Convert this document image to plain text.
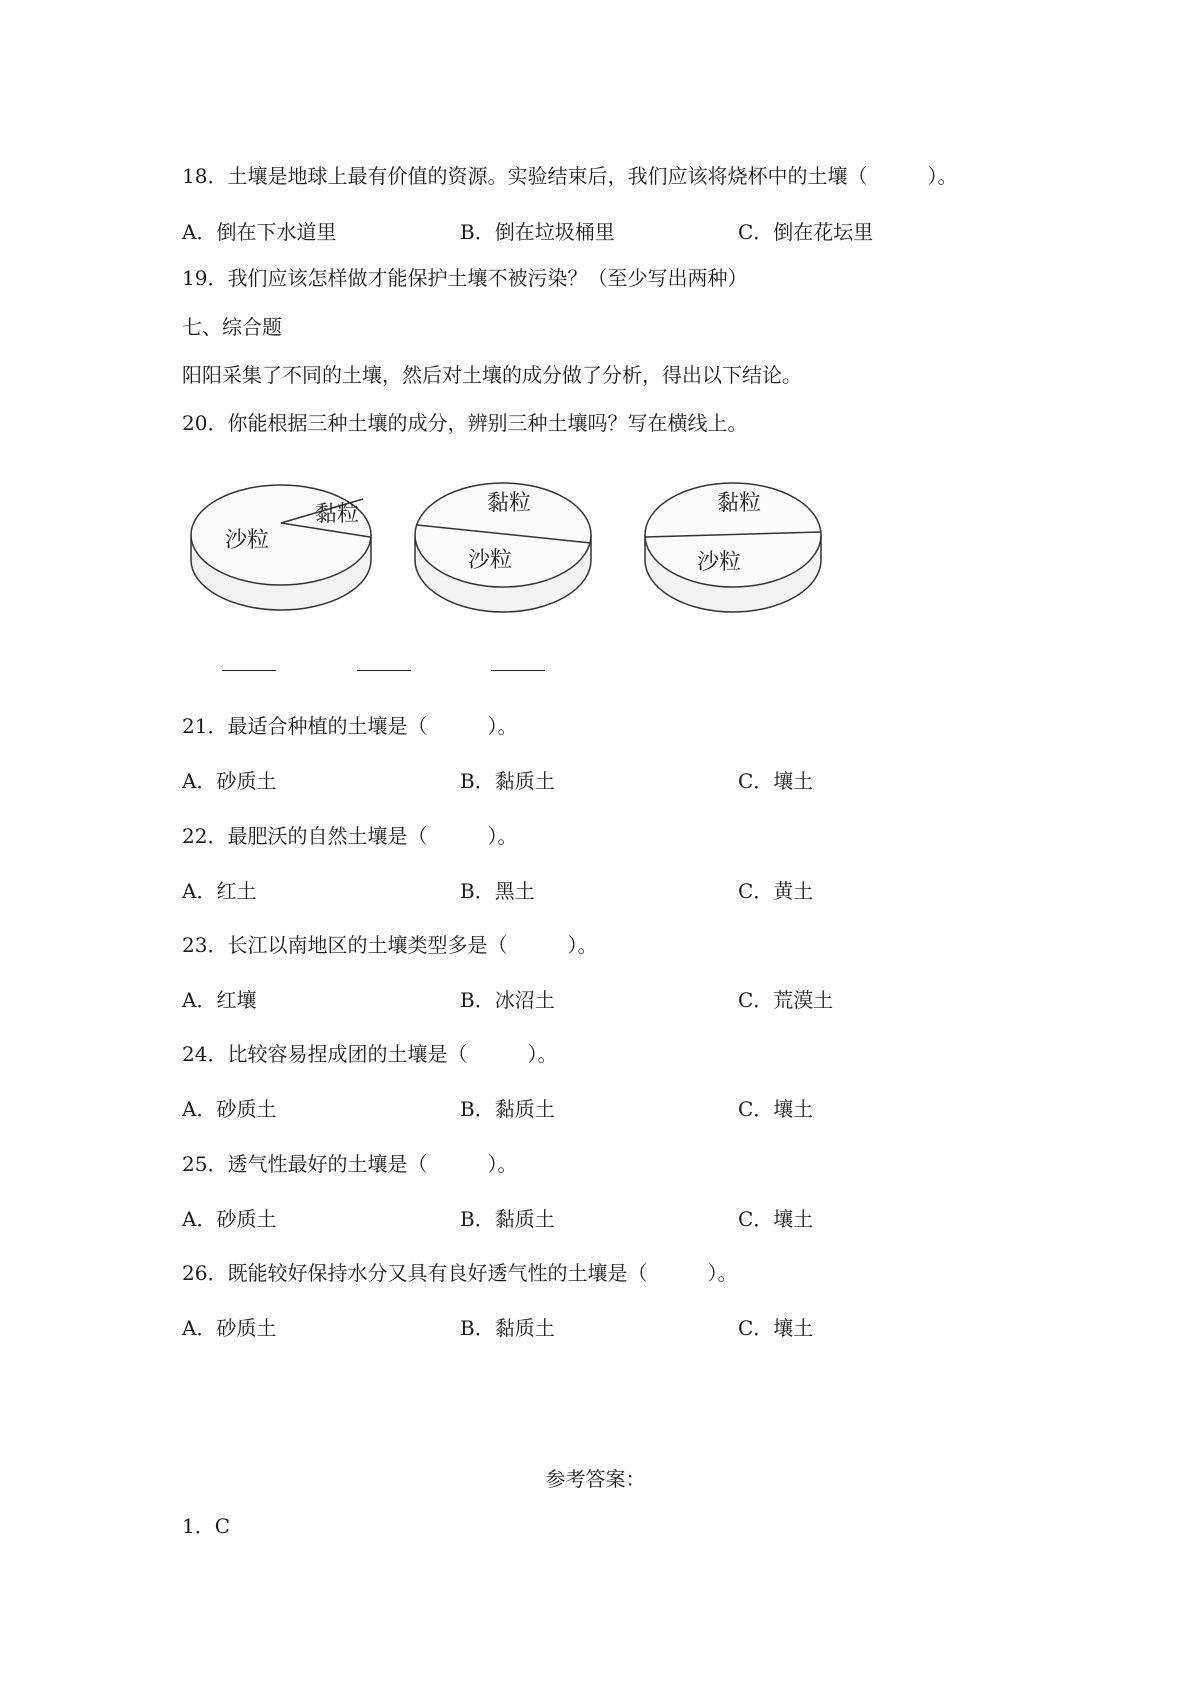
18．土壤是地球上最有价值的资源。实验结束后，我们应该将烧杯中的土壤（　　　）。
A．倒在下水道里	B．倒在垃圾桶里	C．倒在花坛里
19．我们应该怎样做才能保护土壤不被污染？（至少写出两种）
七、综合题
阳阳采集了不同的土壤，然后对土壤的成分做了分析，得出以下结论。
20．你能根据三种土壤的成分，辨别三种土壤吗？写在横线上。
黏粒
沙粒
黏粒
沙粒
黏粒
沙粒
21．最适合种植的土壤是（　　　）。
A．砂质土	B．黏质土	C．壤土
22．最肥沃的自然土壤是（　　　）。
A．红土	B．黑土	C．黄土
23．长江以南地区的土壤类型多是（　　　）。
A．红壤	B．冰沼土	C．荒漠土
24．比较容易捏成团的土壤是（　　　）。
A．砂质土	B．黏质土	C．壤土
25．透气性最好的土壤是（　　　）。
A．砂质土	B．黏质土	C．壤土
26．既能较好保持水分又具有良好透气性的土壤是（　　　）。
A．砂质土	B．黏质土	C．壤土
参考答案：
1．C
